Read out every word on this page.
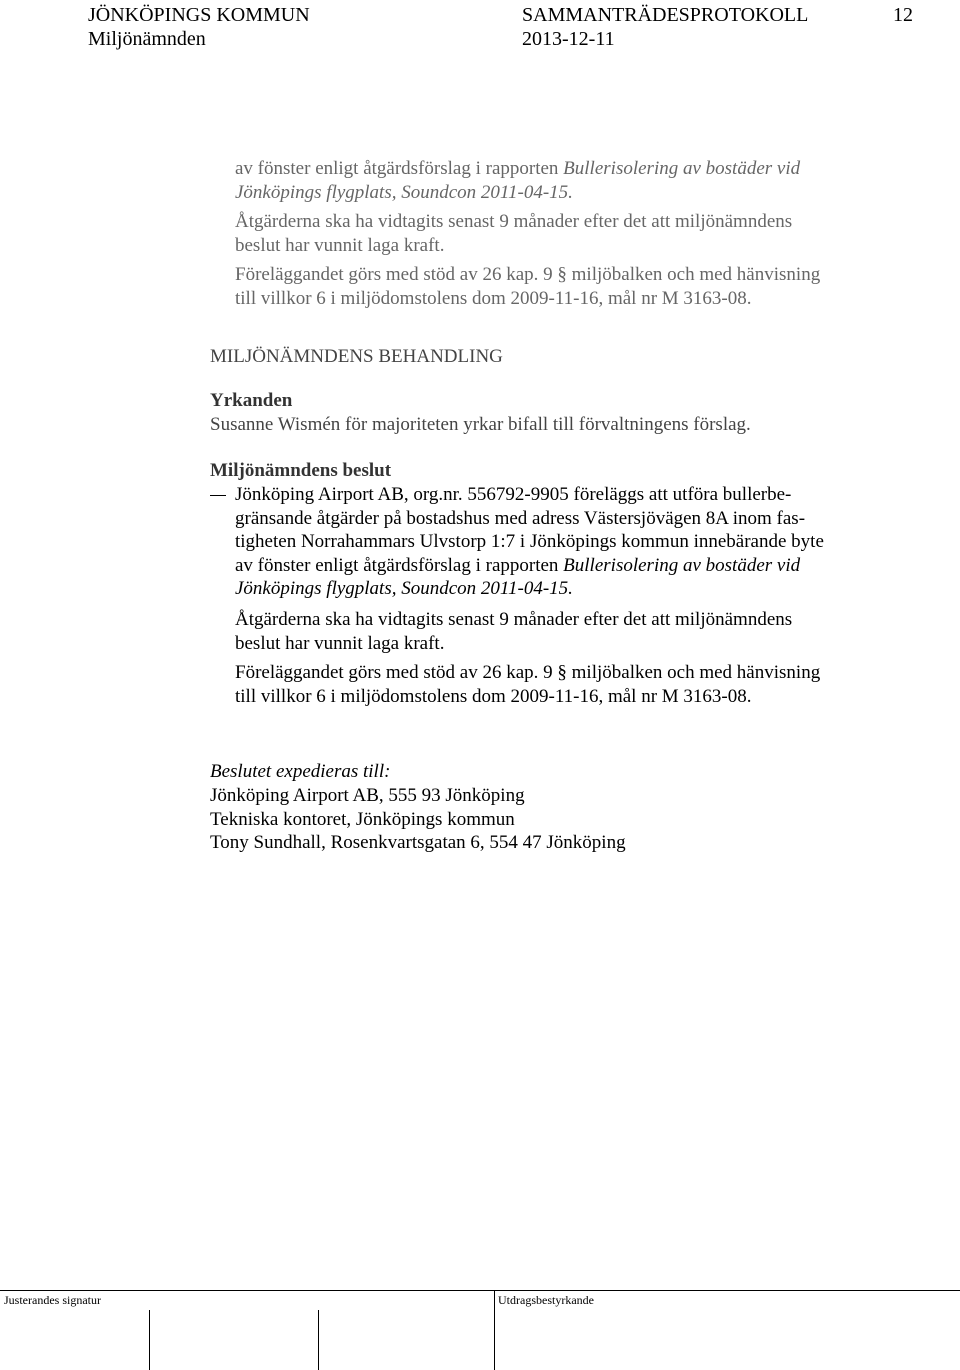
JÖNKÖPINGS KOMMUN	SAMMANTRÄDESPROTOKOLL	12
Miljönämnden	2013-12-11
av fönster enligt åtgärdsförslag i rapporten Bullerisolering av bostäder vid
Jönköpings flygplats, Soundcon 2011-04-15.
Åtgärderna ska ha vidtagits senast 9 månader efter det att miljönämndens
beslut har vunnit laga kraft.
Föreläggandet görs med stöd av 26 kap. 9 § miljöbalken och med hänvisning
till villkor 6 i miljödomstolens dom 2009-11-16, mål nr M 3163-08.
MILJÖNÄMNDENS BEHANDLING
Yrkanden
Susanne Wismén för majoriteten yrkar bifall till förvaltningens förslag.
Miljönämndens beslut
Jönköping Airport AB, org.nr. 556792-9905 föreläggs att utföra bullerbe-
gränsande åtgärder på bostadshus med adress Västersjövägen 8A inom fas-
tigheten Norrahammars Ulvstorp 1:7 i Jönköpings kommun innebärande byte
av fönster enligt åtgärdsförslag i rapporten Bullerisolering av bostäder vid
Jönköpings flygplats, Soundcon 2011-04-15.
Åtgärderna ska ha vidtagits senast 9 månader efter det att miljönämndens
beslut har vunnit laga kraft.
Föreläggandet görs med stöd av 26 kap. 9 § miljöbalken och med hänvisning
till villkor 6 i miljödomstolens dom 2009-11-16, mål nr M 3163-08.
Beslutet expedieras till:
Jönköping Airport AB, 555 93 Jönköping
Tekniska kontoret, Jönköpings kommun
Tony Sundhall, Rosenkvartsgatan 6, 554 47 Jönköping
Justerandes signatur	Utdragsbestyrkande
